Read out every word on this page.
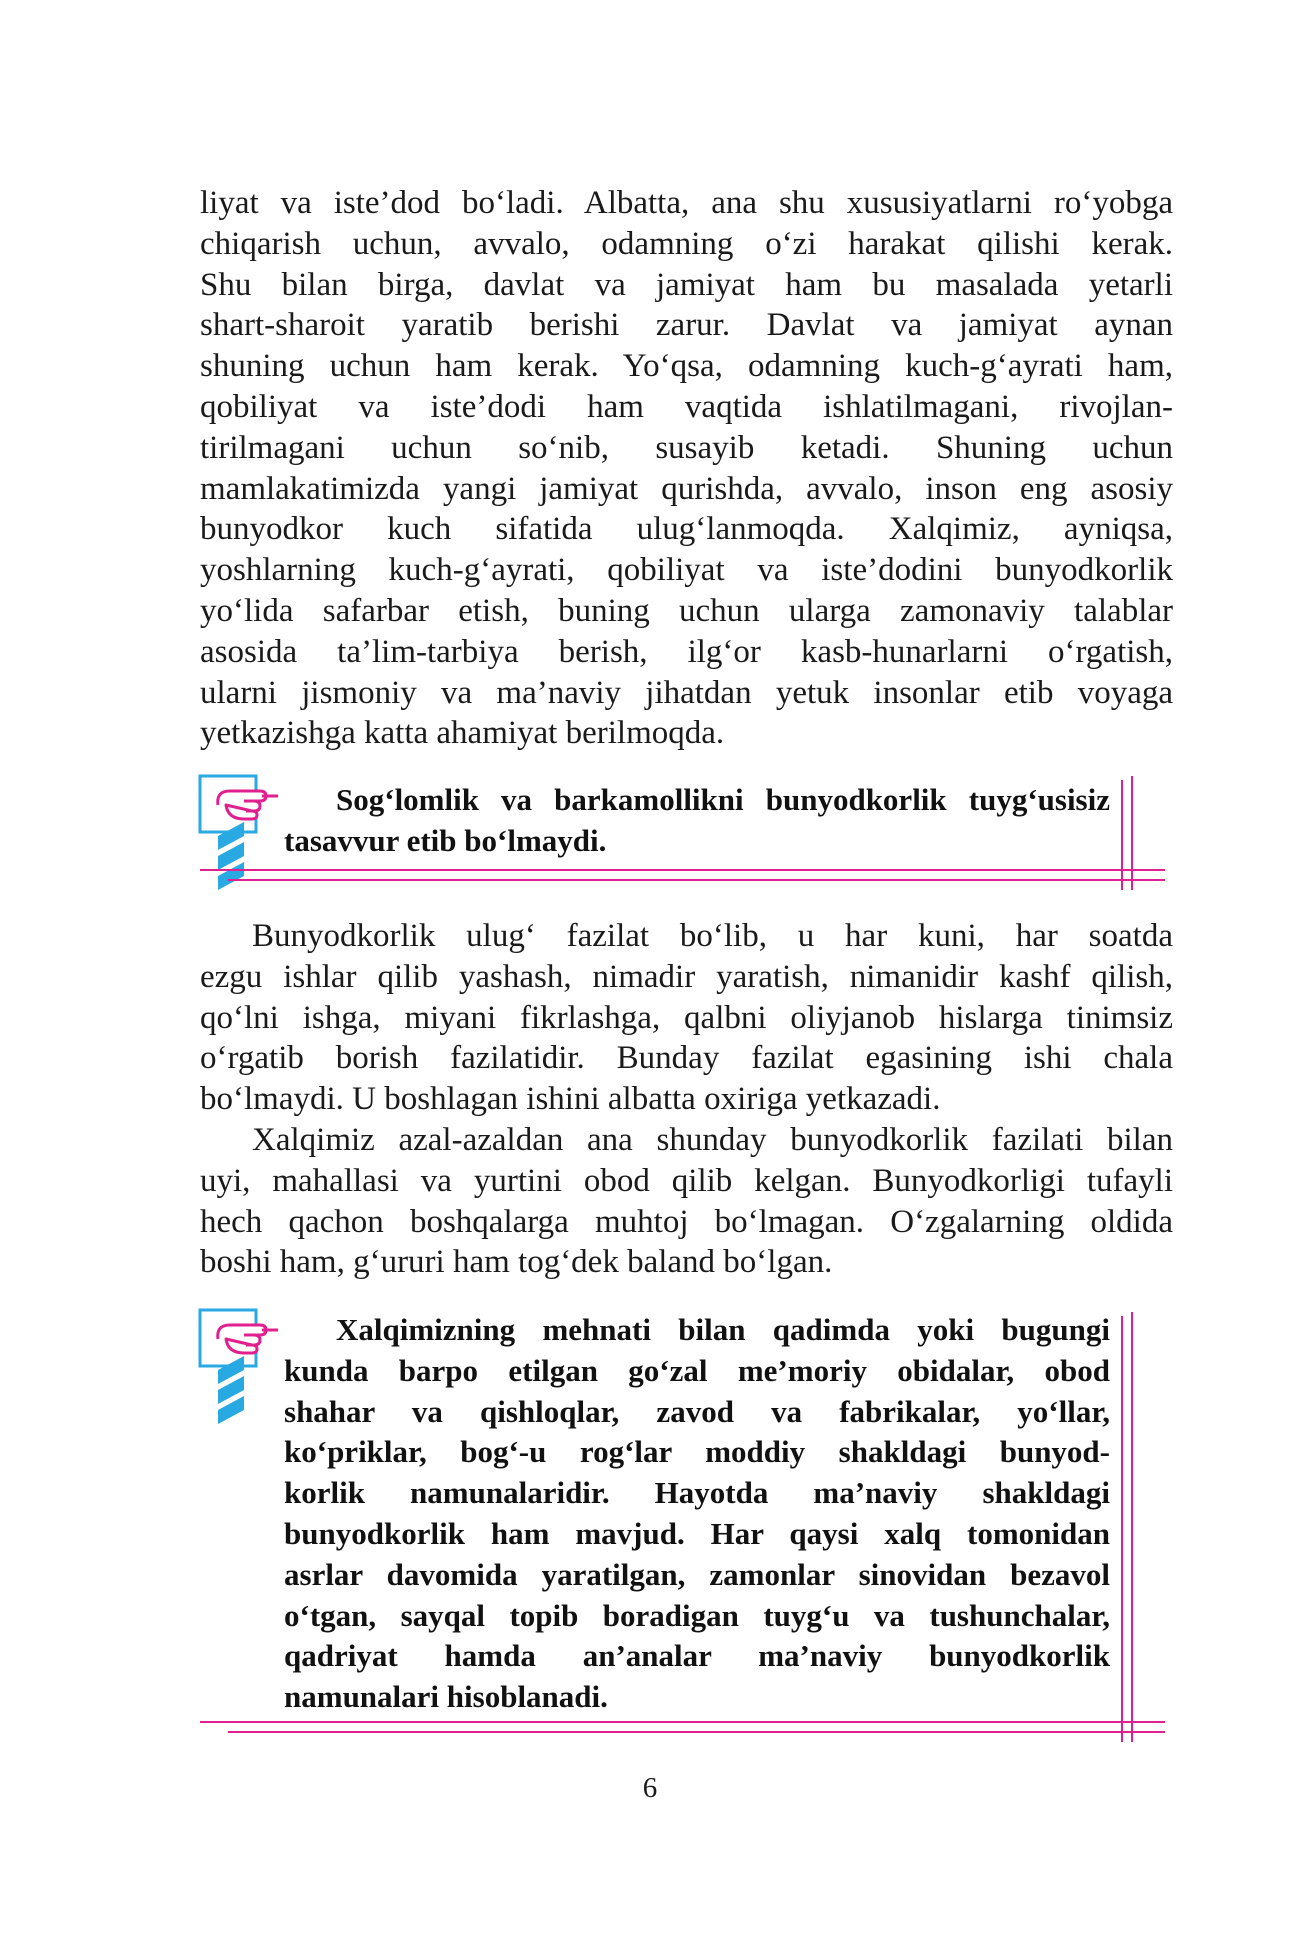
liyat va iste’dod bo‘ladi. Albatta, ana shu xususiyatlarni ro‘yobga
chiqarish uchun, avvalo, odamning o‘zi harakat qilishi kerak.
Shu bilan birga, davlat va jamiyat ham bu masalada yetarli
shart-sharoit yaratib berishi zarur. Davlat va jamiyat aynan
shuning uchun ham kerak. Yo‘qsa, odamning kuch-g‘ayrati ham,
qobiliyat va iste’dodi ham vaqtida ishlatilmagani, rivojlan-
tirilmagani uchun so‘nib, susayib ketadi. Shuning uchun
mamlakatimizda yangi jamiyat qurishda, avvalo, inson eng asosiy
bunyodkor kuch sifatida ulug‘lanmoqda. Xalqimiz, ayniqsa,
yoshlarning kuch-g‘ayrati, qobiliyat va iste’dodini bunyodkorlik
yo‘lida safarbar etish, buning uchun ularga zamonaviy talablar
asosida ta’lim-tarbiya berish, ilg‘or kasb-hunarlarni o‘rgatish,
ularni jismoniy va ma’naviy jihatdan yetuk insonlar etib voyaga
yetkazishga katta ahamiyat berilmoqda.
Sog‘lomlik va barkamollikni bunyodkorlik tuyg‘usisiz
tasavvur etib bo‘lmaydi.
Bunyodkorlik ulug‘ fazilat bo‘lib, u har kuni, har soatda
ezgu ishlar qilib yashash, nimadir yaratish, nimanidir kashf qilish,
qo‘lni ishga, miyani fikrlashga, qalbni oliyjanob hislarga tinimsiz
o‘rgatib borish fazilatidir. Bunday fazilat egasining ishi chala
bo‘lmaydi. U boshlagan ishini albatta oxiriga yetkazadi.
Xalqimiz azal-azaldan ana shunday bunyodkorlik fazilati bilan
uyi, mahallasi va yurtini obod qilib kelgan. Bunyodkorligi tufayli
hech qachon boshqalarga muhtoj bo‘lmagan. O‘zgalarning oldida
boshi ham, g‘ururi ham tog‘dek baland bo‘lgan.
Xalqimizning mehnati bilan qadimda yoki bugungi
kunda barpo etilgan go‘zal me’moriy obidalar, obod
shahar va qishloqlar, zavod va fabrikalar, yo‘llar,
ko‘priklar, bog‘-u rog‘lar moddiy shakldagi bunyod-
korlik namunalaridir. Hayotda ma’naviy shakldagi
bunyodkorlik ham mavjud. Har qaysi xalq tomonidan
asrlar davomida yaratilgan, zamonlar sinovidan bezavol
o‘tgan, sayqal topib boradigan tuyg‘u va tushunchalar,
qadriyat hamda an’analar ma’naviy bunyodkorlik
namunalari hisoblanadi.
6
